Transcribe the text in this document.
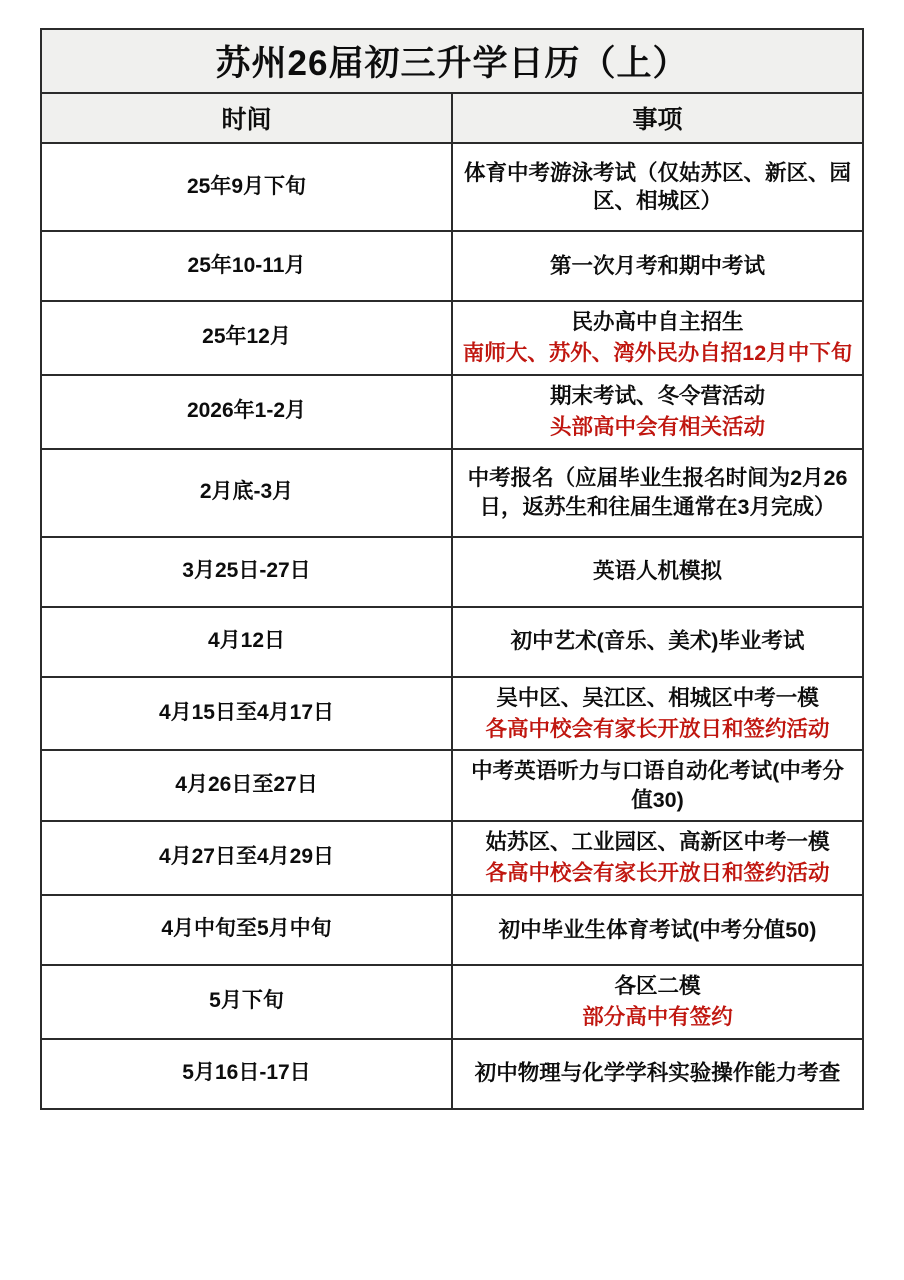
苏州26届初三升学日历（上）	
时间	事项
25年9月下旬	体育中考游泳考试（仅姑苏区、新区、园区、相城区）

25年10-11月	第一次月考和期中考试

25年12月	民办高中自主招生
南师大、苏外、湾外民办自招12月中下旬

2026年1-2月	期末考试、冬令营活动
头部高中会有相关活动

2月底-3月	中考报名（应届毕业生报名时间为2月26日，返苏生和往届生通常在3月完成）

3月25日-27日	英语人机模拟

4月12日	初中艺术(音乐、美术)毕业考试

4月15日至4月17日	吴中区、吴江区、相城区中考一模
各高中校会有家长开放日和签约活动

4月26日至27日	中考英语听力与口语自动化考试(中考分值30)

4月27日至4月29日	姑苏区、工业园区、高新区中考一模
各高中校会有家长开放日和签约活动

4月中旬至5月中旬	初中毕业生体育考试(中考分值50)

5月下旬	各区二模
部分高中有签约

5月16日-17日	初中物理与化学学科实验操作能力考查
